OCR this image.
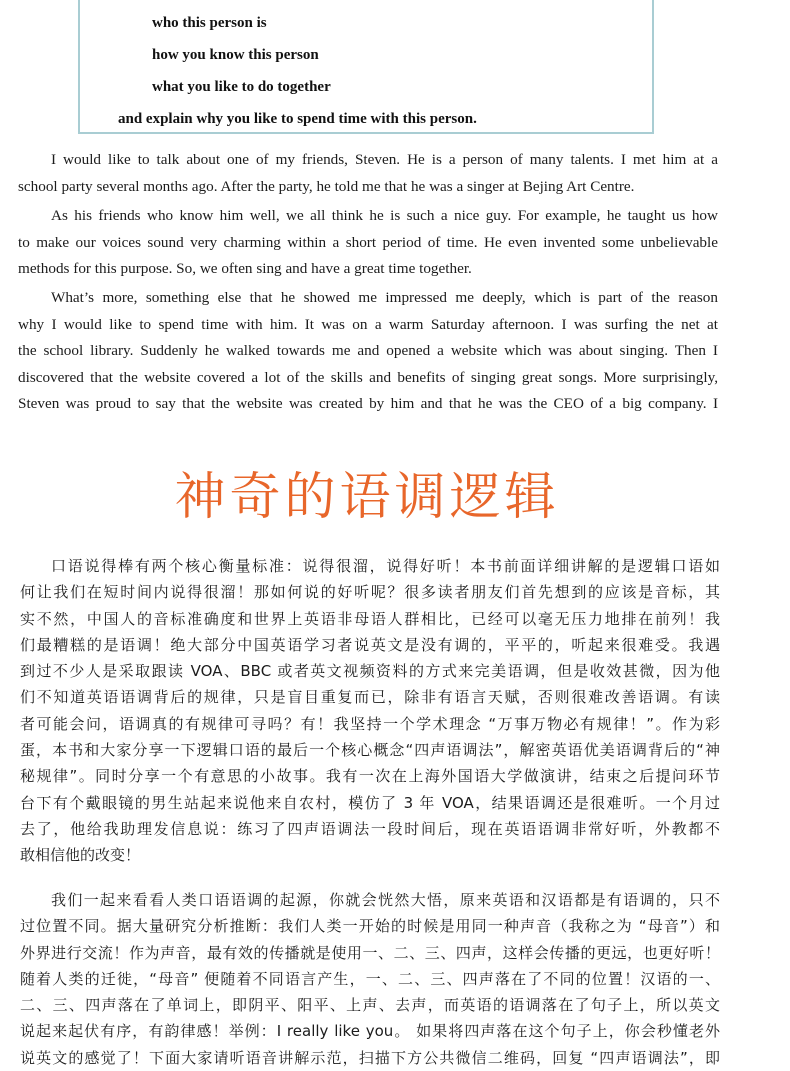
who this person is
how you know this person
what you like to do together
and explain why you like to spend time with this person.
I would like to talk about one of my friends, Steven. He is a person of many talents. I met him at a
school party several months ago. After the party, he told me that he was a singer at Bejing Art Centre.
As his friends who know him well, we all think he is such a nice guy. For example, he taught us how
to make our voices sound very charming within a short period of time. He even invented some unbelievable
methods for this purpose. So, we often sing and have a great time together.
What’s more, something else that he showed me impressed me deeply, which is part of the reason
why I would like to spend time with him. It was on a warm Saturday afternoon. I was surfing the net at
the school library. Suddenly he walked towards me and opened a website which was about singing. Then I
discovered that the website covered a lot of the skills and benefits of singing great songs. More surprisingly,
Steven was proud to say that the website was created by him and that he was the CEO of a big company. I
神奇的语调逻辑
口语说得棒有两个核心衡量标准：说得很溜，说得好听！本书前面详细讲解的是逻辑口语如
何让我们在短时间内说得很溜！那如何说的好听呢？很多读者朋友们首先想到的应该是音标，其
实不然，中国人的音标准确度和世界上英语非母语人群相比，已经可以毫无压力地排在前列！我
们最糟糕的是语调！绝大部分中国英语学习者说英文是没有调的，平平的，听起来很难受。我遇
到过不少人是采取跟读 VOA、BBC 或者英文视频资料的方式来完美语调，但是收效甚微，因为他
们不知道英语语调背后的规律，只是盲目重复而已，除非有语言天赋，否则很难改善语调。有读
者可能会问，语调真的有规律可寻吗？有！我坚持一个学术理念 “万事万物必有规律！”。作为彩
蛋，本书和大家分享一下逻辑口语的最后一个核心概念“四声语调法”，解密英语优美语调背后的“神
秘规律”。同时分享一个有意思的小故事。我有一次在上海外国语大学做演讲，结束之后提问环节
台下有个戴眼镜的男生站起来说他来自农村，模仿了 3 年 VOA，结果语调还是很难听。一个月过
去了，他给我助理发信息说：练习了四声语调法一段时间后，现在英语语调非常好听，外教都不
敢相信他的改变！
我们一起来看看人类口语语调的起源，你就会恍然大悟，原来英语和汉语都是有语调的，只不
过位置不同。据大量研究分析推断：我们人类一开始的时候是用同一种声音（我称之为 “母音”）和
外界进行交流！作为声音，最有效的传播就是使用一、二、三、四声，这样会传播的更远，也更好听！
随着人类的迁徙，“母音” 便随着不同语言产生，一、二、三、四声落在了不同的位置！汉语的一、
二、三、四声落在了单词上，即阴平、阳平、上声、去声，而英语的语调落在了句子上，所以英文
说起来起伏有序，有韵律感！举例：I really like you。 如果将四声落在这个句子上，你会秒懂老外
说英文的感觉了！下面大家请听语音讲解示范，扫描下方公共微信二维码，回复 “四声语调法”，即
